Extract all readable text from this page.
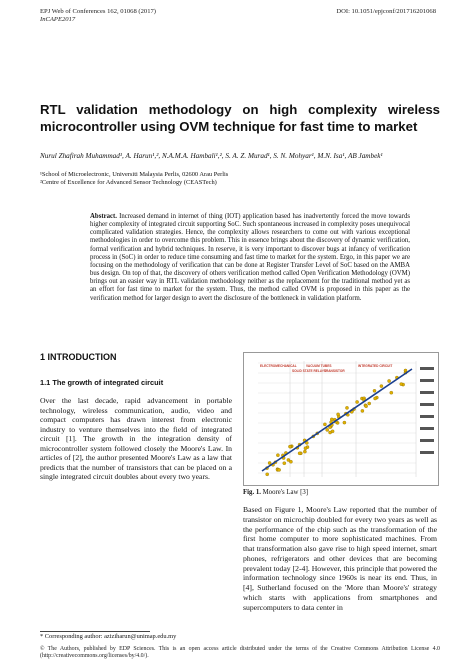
EPJ Web of Conferences 162, 01068 (2017)
InCAPE2017
DOI: 10.1051/epjconf/201716201068
RTL validation methodology on high complexity wireless microcontroller using OVM technique for fast time to market

Nurul Zhafirah Muhammad¹, A. Harun¹,², N.A.M.A. Hambali¹,², S. A. Z. Murad¹, S. N. Mohyar¹, M.N. Isa¹, AB Jambek¹

¹School of Microelectronic, Universiti Malaysia Perlis, 02600 Arau Perlis
²Centre of Excellence for Advanced Sensor Technology (CEASTech)

Abstract. Increased demand in internet of thing (IOT) application based has inadvertently forced the move towards higher complexity of integrated circuit supporting SoC. Such spontaneous increased in complexity poses unequivocal complicated validation strategies. Hence, the complexity allows researchers to come out with various exceptional methodologies in order to overcome this problem. This in essence brings about the discovery of dynamic verification, formal verification and hybrid techniques. In reserve, it is very important to discover bugs at infancy of verification process in (SoC) in order to reduce time consuming and fast time to market for the system. Ergo, in this paper we are focusing on the methodology of verification that can be done at Register Transfer Level of SoC based on the AMBA bus design. On top of that, the discovery of others verification method called Open Verification Methodology (OVM) brings out an easier way in RTL validation methodology neither as the replacement for the traditional method yet as an effort for fast time to market for the system. Thus, the method called OVM is proposed in this paper as the verification method for larger design to avert the disclosure of the bottleneck in validation platform.

1 INTRODUCTION
1.1 The growth of integrated circuit

Over the last decade, rapid advancement in portable technology, wireless communication, audio, video and compact computers has drawn interest from electronic industry to venture themselves into the field of integrated circuit [1]. The growth in the integration density of microcontroller system followed closely the Moore's Law. In articles of [2], the author presented Moore's Law as a law that predicts that the number of transistors that can be placed on a single integrated circuit doubles about every two years.

ELECTROMECHANICAL
SOLID STATE RELAYS
VACUUM TUBES
TRANSISTOR
INTEGRATED CIRCUIT

Fig. 1. Moore's Law [3]

Based on Figure 1, Moore's Law reported that the number of transistor on microchip doubled for every two years as well as the performance of the chip such as the transformation of the first home computer to more sophisticated machines. From that transformation also gave rise to high speed internet, smart phones, refrigerators and other devices that are becoming prevalent today [2-4]. However, this principle that powered the information technology since 1960s is near its end. Thus, in [4], Sutherland focused on the 'More than Moore's' strategy which starts with applications from smartphones and supercomputers to data center in

* Corresponding author: aziziharun@unimap.edu.my

© The Authors, published by EDP Sciences. This is an open access article distributed under the terms of the Creative Commons Attribution License 4.0 (http://creativecommons.org/licenses/by/4.0/).
